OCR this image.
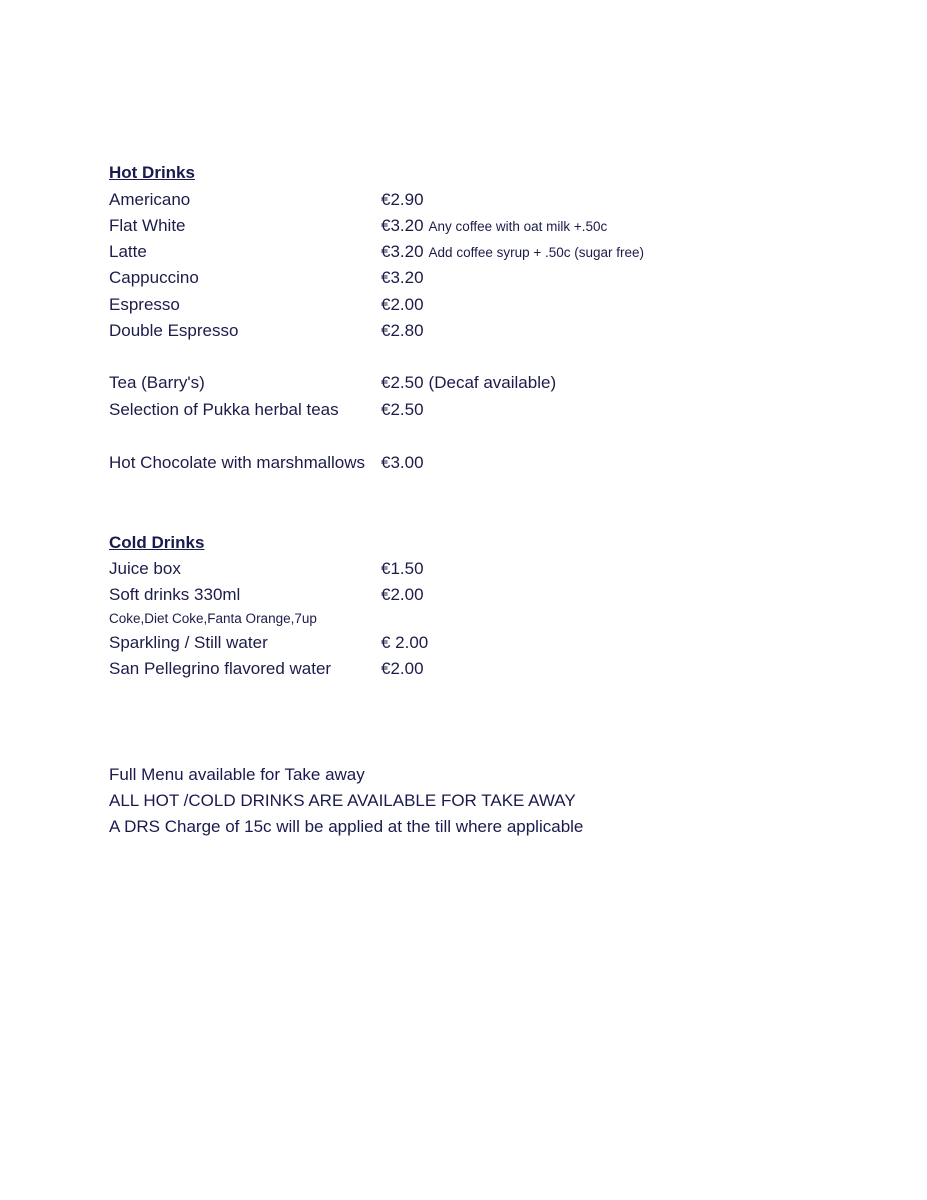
Hot Drinks
Americano	€2.90
Flat White	€3.20 Any coffee with oat milk +.50c
Latte	€3.20 Add coffee syrup + .50c (sugar free)
Cappuccino	€3.20
Espresso	€2.00
Double Espresso	€2.80
Tea (Barry's)	€2.50 (Decaf available)
Selection of Pukka herbal teas €2.50
Hot Chocolate with marshmallows €3.00
Cold Drinks
Juice box	€1.50
Soft drinks 330ml	€2.00
Coke,Diet Coke,Fanta Orange,7up
Sparkling / Still water	€ 2.00
San Pellegrino flavored water	€2.00
Full Menu available for Take away
ALL HOT /COLD DRINKS ARE AVAILABLE FOR TAKE AWAY
A DRS Charge of 15c will be applied at the till where applicable
